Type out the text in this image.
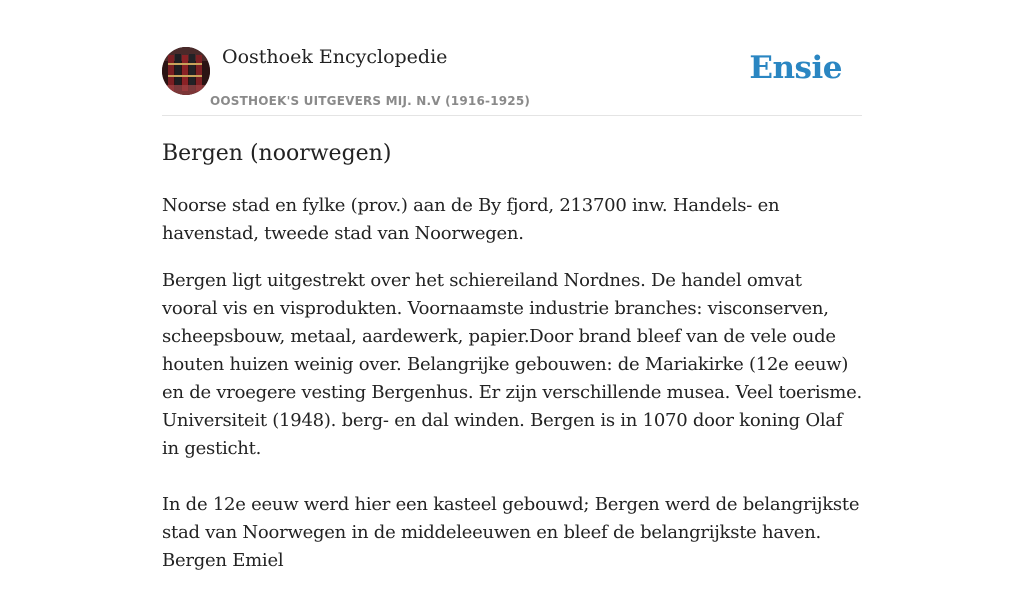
Oosthoek Encyclopedie
OOSTHOEK'S UITGEVERS MIJ. N.V (1916-1925)
Ensie
Bergen (noorwegen)

Noorse stad en fylke (prov.) aan de By fjord, 213700 inw. Handels- en havenstad, tweede stad van Noorwegen.

Bergen ligt uitgestrekt over het schiereiland Nordnes. De handel omvat vooral vis en visprodukten. Voornaamste industrie branches: visconserven, scheepsbouw, metaal, aardewerk, papier.Door brand bleef van de vele oude houten huizen weinig over. Belangrijke gebouwen: de Mariakirke (12e eeuw) en de vroegere vesting Bergenhus. Er zijn verschillende musea. Veel toerisme. Universiteit (1948). berg- en dal winden. Bergen is in 1070 door koning Olaf in gesticht.

In de 12e eeuw werd hier een kasteel gebouwd; Bergen werd de belangrijkste stad van Noorwegen in de middeleeuwen en bleef de belangrijkste haven. Bergen Emiel
